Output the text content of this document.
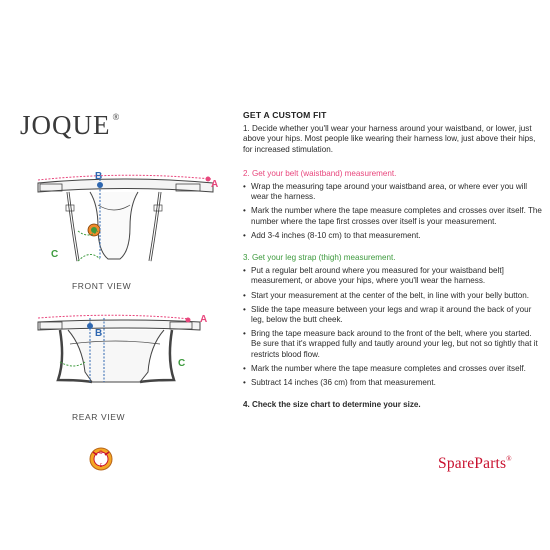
JOQUE ®
A
B
C
FRONT VIEW
A
B
C
REAR VIEW
D
E
GET A CUSTOM FIT

1. Decide whether you'll wear your harness around your waistband, or lower, just above your hips. Most people like wearing their harness low, just above their hips, for increased stimulation.

2. Get your belt (waistband) measurement.

• Wrap the measuring tape around your waistband area, or where ever you will wear the harness.
• Mark the number where the tape measure completes and crosses over itself. The number where the tape first crosses over itself is your measurement.
• Add 3-4 inches (8-10 cm) to that measurement.

3. Get your leg strap (thigh) measurement.

• Put a regular belt around where you measured for your waistband belt] measurement, or above your hips, where you'll wear the harness.
• Start your measurement at the center of the belt, in line with your belly button.
• Slide the tape measure between your legs and wrap it around the back of your leg, below the butt cheek.
• Bring the tape measure back around to the front of the belt, where you started. Be sure that it's wrapped fully and tautly around your leg, but not so tightly that it restricts blood flow.
• Mark the number where the tape measure completes and crosses over itself.
• Subtract 14 inches (36 cm) from that measurement.

4. Check the size chart to determine your size.

SpareParts®
